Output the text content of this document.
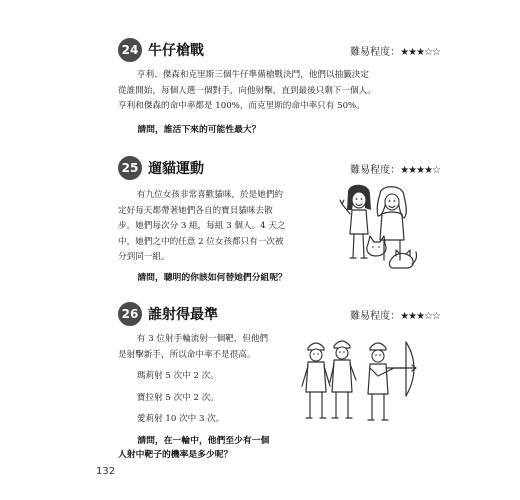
24 牛仔槍戰	難易程度：★★★☆☆

亨利、傑森和克里斯三個牛仔準備槍戰決鬥，他們以抽籤決定

從誰開始，每個人選一個對手，向他射擊，直到最後只剩下一個人。

亨利和傑森的命中率都是 100%，而克里斯的命中率只有 50%。

請問，誰活下來的可能性最大？

25 遛貓運動	難易程度：★★★★☆

有九位女孩非常喜歡貓咪，於是她們約

定好每天都帶著她們各自的寶貝貓咪去散

步。她們每次分 3 組，每組 3 個人。4 天之

中，她們之中的任意 2 位女孩都只有一次被

分到同一組。

請問，聰明的你該如何替她們分組呢？

26 誰射得最準	難易程度：★★★☆☆

有 3 位射手輪流射一個靶，但他們

是射擊新手，所以命中率不是很高。

瑪莉射 5 次中 2 次。

寶拉射 5 次中 2 次。

愛莉射 10 次中 3 次。

請問，在一輪中，他們至少有一個

人射中靶子的機率是多少呢？

132
